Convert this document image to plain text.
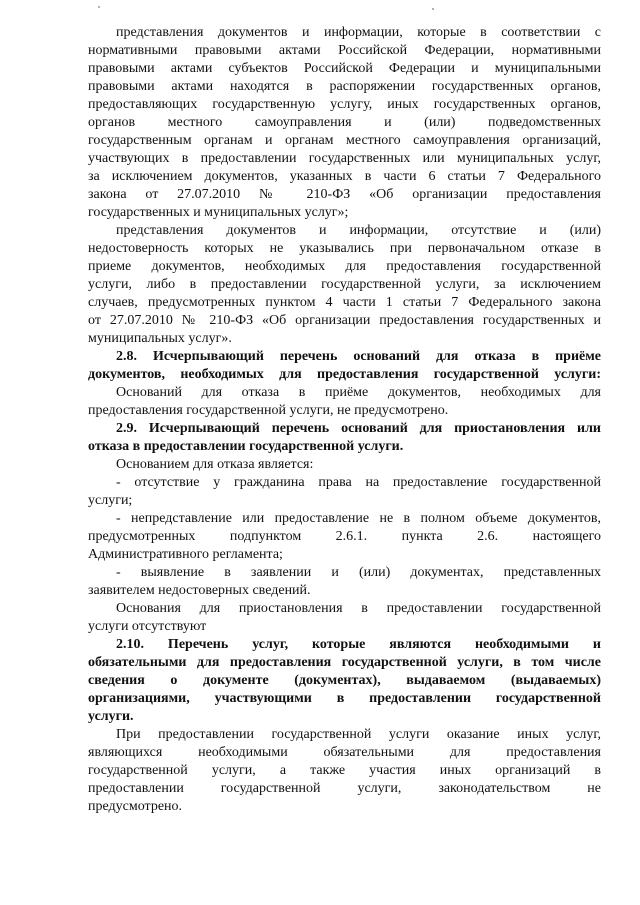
представления документов и информации, которые в соответствии с
нормативными правовыми актами Российской Федерации, нормативными
правовыми актами субъектов Российской Федерации и муниципальными
правовыми актами находятся в распоряжении государственных органов,
предоставляющих государственную услугу, иных государственных органов,
органов местного самоуправления и (или) подведомственных
государственным органам и органам местного самоуправления организаций,
участвующих в предоставлении государственных или муниципальных услуг,
за исключением документов, указанных в части 6 статьи 7 Федерального
закона от 27.07.2010 № 210-ФЗ «Об организации предоставления
государственных и муниципальных услуг»;
представления документов и информации, отсутствие и (или)
недостоверность которых не указывались при первоначальном отказе в
приеме документов, необходимых для предоставления государственной
услуги, либо в предоставлении государственной услуги, за исключением
случаев, предусмотренных пунктом 4 части 1 статьи 7 Федерального закона
от 27.07.2010 № 210-ФЗ «Об организации предоставления государственных и
муниципальных услуг».
2.8. Исчерпывающий перечень оснований для отказа в приёме
документов, необходимых для предоставления государственной услуги:
Оснований для отказа в приёме документов, необходимых для
предоставления государственной услуги, не предусмотрено.
2.9. Исчерпывающий перечень оснований для приостановления или
отказа в предоставлении государственной услуги.
Основанием для отказа является:
- отсутствие у гражданина права на предоставление государственной
услуги;
- непредставление или предоставление не в полном объеме документов,
предусмотренных подпунктом 2.6.1. пункта 2.6. настоящего
Административного регламента;
- выявление в заявлении и (или) документах, представленных
заявителем недостоверных сведений.
Основания для приостановления в предоставлении государственной
услуги отсутствуют
2.10. Перечень услуг, которые являются необходимыми и
обязательными для предоставления государственной услуги, в том числе
сведения о документе (документах), выдаваемом (выдаваемых)
организациями, участвующими в предоставлении государственной
услуги.
При предоставлении государственной услуги оказание иных услуг,
являющихся необходимыми обязательными для предоставления
государственной услуги, а также участия иных организаций в
предоставлении государственной услуги, законодательством не
предусмотрено.
